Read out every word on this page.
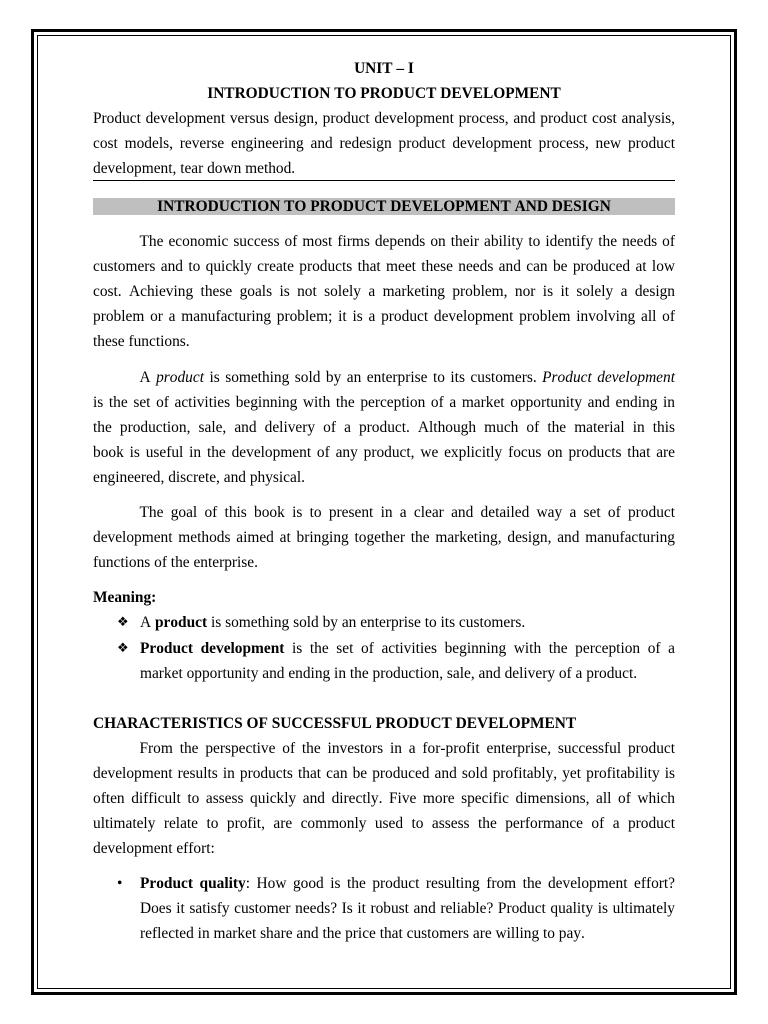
UNIT – I
INTRODUCTION TO PRODUCT DEVELOPMENT
Product development versus design, product development process, and product cost analysis,
cost models, reverse engineering and redesign product development process, new product
development, tear down method.
INTRODUCTION TO PRODUCT DEVELOPMENT AND DESIGN
The economic success of most firms depends on their ability to identify the needs of
customers and to quickly create products that meet these needs and can be produced at low
cost. Achieving these goals is not solely a marketing problem, nor is it solely a design
problem or a manufacturing problem; it is a product development problem involving all of
these functions.
A product is something sold by an enterprise to its customers. Product development
is the set of activities beginning with the perception of a market opportunity and ending in
the production, sale, and delivery of a product. Although much of the material in this
book is useful in the development of any product, we explicitly focus on products that are
engineered, discrete, and physical.
The goal of this book is to present in a clear and detailed way a set of product
development methods aimed at bringing together the marketing, design, and manufacturing
functions of the enterprise.
Meaning:
❖ A product is something sold by an enterprise to its customers.
❖ Product development is the set of activities beginning with the perception of a
market opportunity and ending in the production, sale, and delivery of a product.
CHARACTERISTICS OF SUCCESSFUL PRODUCT DEVELOPMENT
From the perspective of the investors in a for-profit enterprise, successful product
development results in products that can be produced and sold profitably, yet profitability is
often difficult to assess quickly and directly. Five more specific dimensions, all of which
ultimately relate to profit, are commonly used to assess the performance of a product
development effort:
• Product quality: How good is the product resulting from the development effort?
Does it satisfy customer needs? Is it robust and reliable? Product quality is ultimately
reflected in market share and the price that customers are willing to pay.
